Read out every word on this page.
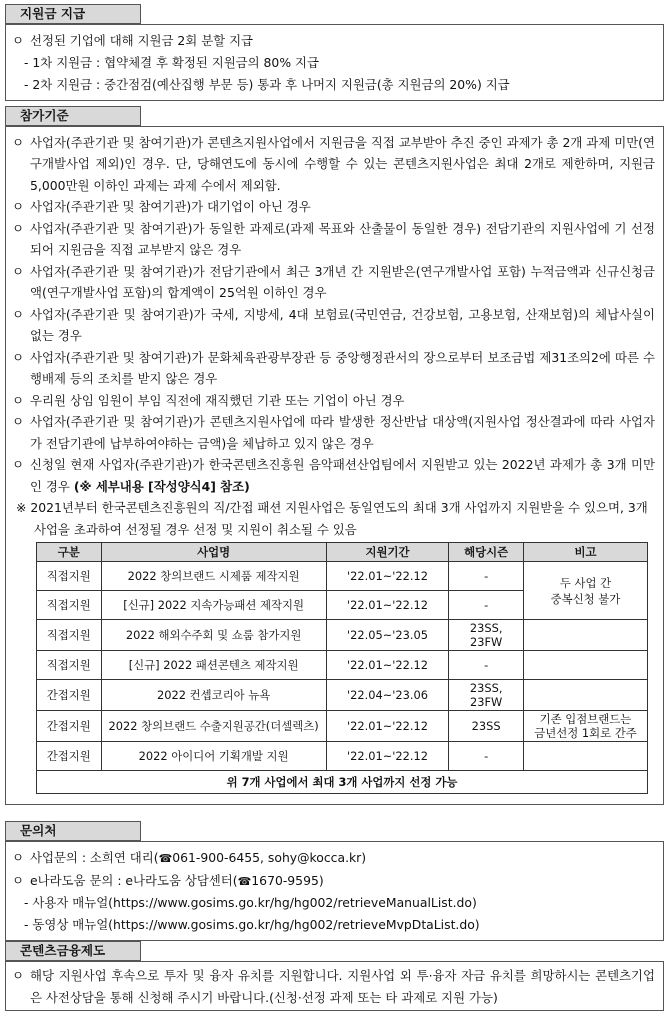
지원금 지급
ㅇ 선정된 기업에 대해 지원금 2회 분할 지급
- 1차 지원금 : 협약체결 후 확정된 지원금의 80% 지급
- 2차 지원금 : 중간점검(예산집행 부문 등) 통과 후 나머지 지원금(총 지원금의 20%) 지급
참가기준
ㅇ 사업자(주관기관 및 참여기관)가 콘텐츠지원사업에서 지원금을 직접 교부받아 추진 중인 과제가 총 2개 과제 미만(연구개발사업 제외)인 경우. 단, 당해연도에 동시에 수행할 수 있는 콘텐츠지원사업은 최대 2개로 제한하며, 지원금 5,000만원 이하인 과제는 과제 수에서 제외함.
ㅇ 사업자(주관기관 및 참여기관)가 대기업이 아닌 경우
ㅇ 사업자(주관기관 및 참여기관)가 동일한 과제로(과제 목표와 산출물이 동일한 경우) 전담기관의 지원사업에 기 선정되어 지원금을 직접 교부받지 않은 경우
ㅇ 사업자(주관기관 및 참여기관)가 전담기관에서 최근 3개년 간 지원받은(연구개발사업 포함) 누적금액과 신규신청금액(연구개발사업 포함)의 합계액이 25억원 이하인 경우
ㅇ 사업자(주관기관 및 참여기관)가 국세, 지방세, 4대 보험료(국민연금, 건강보험, 고용보험, 산재보험)의 체납사실이 없는 경우
ㅇ 사업자(주관기관 및 참여기관)가 문화체육관광부장관 등 중앙행정관서의 장으로부터 보조금법 제31조의2에 따른 수행배제 등의 조치를 받지 않은 경우
ㅇ 우리원 상임 임원이 부임 직전에 재직했던 기관 또는 기업이 아닌 경우
ㅇ 사업자(주관기관 및 참여기관)가 콘텐츠지원사업에 따라 발생한 정산반납 대상액(지원사업 정산결과에 따라 사업자가 전담기관에 납부하여야하는 금액)을 체납하고 있지 않은 경우
ㅇ 신청일 현재 사업자(주관기관)가 한국콘텐츠진흥원 음악패션산업팀에서 지원받고 있는 2022년 과제가 총 3개 미만인 경우 (※ 세부내용 [작성양식4] 참조)
※ 2021년부터 한국콘텐츠진흥원의 직/간접 패션 지원사업은 동일연도의 최대 3개 사업까지 지원받을 수 있으며, 3개 사업을 초과하여 선정될 경우 선정 및 지원이 취소될 수 있음
구분	사업명	지원기간	해당시즌	비고
직접지원	2022 창의브랜드 시제품 제작지원	'22.01~'22.12	-	두 사업 간
중복신청 불가
직접지원	[신규] 2022 지속가능패션 제작지원	'22.01~'22.12	-	
직접지원	2022 해외수주회 및 쇼룸 참가지원	'22.05~'23.05	23SS,
23FW	
직접지원	[신규] 2022 패션콘텐츠 제작지원	'22.01~'22.12	-	
간접지원	2022 컨셉코리아 뉴욕	'22.04~'23.06	23SS,
23FW	
간접지원	2022 창의브랜드 수출지원공간(더셀렉츠)	'22.01~'22.12	23SS	기존 입점브랜드는
금년선정 1회로 간주
간접지원	2022 아이디어 기획개발 지원	'22.01~'22.12	-	
위 7개 사업에서 최대 3개 사업까지 선정 가능				
문의처
ㅇ 사업문의 : 소희연 대리(☎061-900-6455, sohy@kocca.kr)
ㅇ e나라도움 문의 : e나라도움 상담센터(☎1670-9595)
- 사용자 매뉴얼(https://www.gosims.go.kr/hg/hg002/retrieveManualList.do)
- 동영상 매뉴얼(https://www.gosims.go.kr/hg/hg002/retrieveMvpDtaList.do)
콘텐츠금융제도
ㅇ 해당 지원사업 후속으로 투자 및 융자 유치를 지원합니다. 지원사업 외 투·융자 자금 유치를 희망하시는 콘텐츠기업은 사전상담을 통해 신청해 주시기 바랍니다.(신청·선정 과제 또는 타 과제로 지원 가능)
